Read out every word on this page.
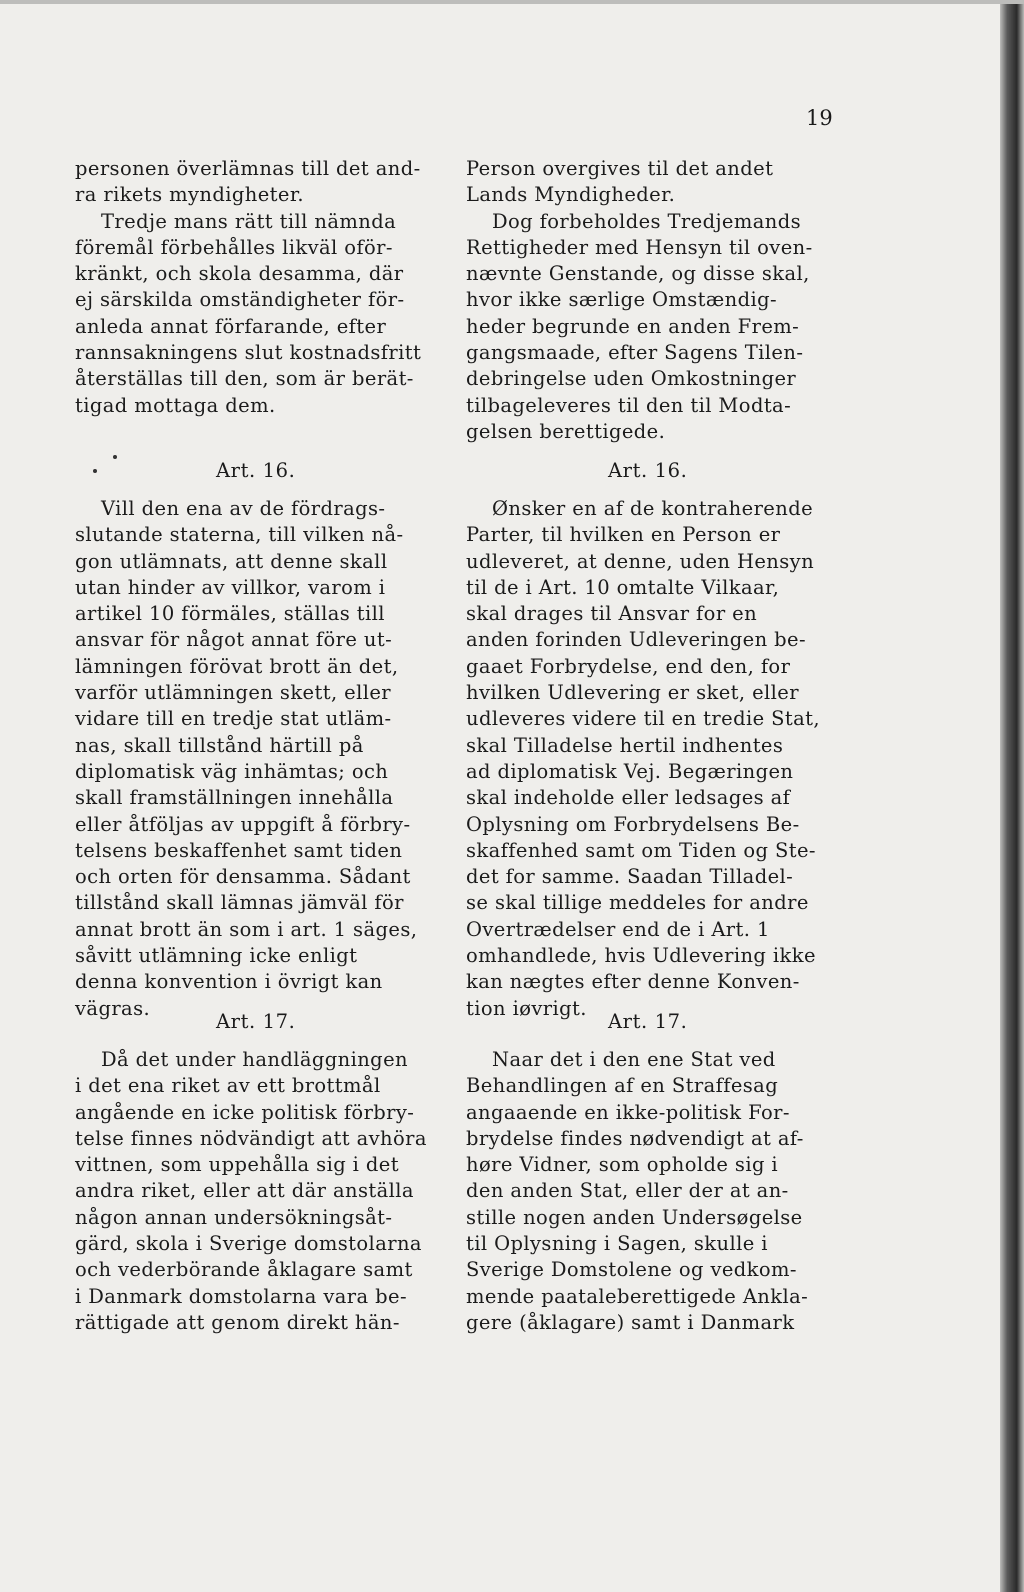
19
personen överlämnas till det and-
ra rikets myndigheter.
Tredje mans rätt till nämnda
föremål förbehålles likväl oför-
kränkt, och skola desamma, där
ej särskilda omständigheter för-
anleda annat förfarande, efter
rannsakningens slut kostnadsfritt
återställas till den, som är berät-
tigad mottaga dem.
Art. 16.
Vill den ena av de fördrags-
slutande staterna, till vilken nå-
gon utlämnats, att denne skall
utan hinder av villkor, varom i
artikel 10 förmäles, ställas till
ansvar för något annat före ut-
lämningen förövat brott än det,
varför utlämningen skett, eller
vidare till en tredje stat utläm-
nas, skall tillstånd härtill på
diplomatisk väg inhämtas; och
skall framställningen innehålla
eller åtföljas av uppgift å förbry-
telsens beskaffenhet samt tiden
och orten för densamma. Sådant
tillstånd skall lämnas jämväl för
annat brott än som i art. 1 säges,
såvitt utlämning icke enligt
denna konvention i övrigt kan
vägras.
Art. 17.
Då det under handläggningen
i det ena riket av ett brottmål
angående en icke politisk förbry-
telse finnes nödvändigt att avhöra
vittnen, som uppehålla sig i det
andra riket, eller att där anställa
någon annan undersökningsåt-
gärd, skola i Sverige domstolarna
och vederbörande åklagare samt
i Danmark domstolarna vara be-
rättigade att genom direkt hän-
Person overgives til det andet
Lands Myndigheder.
Dog forbeholdes Tredjemands
Rettigheder med Hensyn til oven-
nævnte Genstande, og disse skal,
hvor ikke særlige Omstændig-
heder begrunde en anden Frem-
gangsmaade, efter Sagens Tilen-
debringelse uden Omkostninger
tilbageleveres til den til Modta-
gelsen berettigede.
Art. 16.
Ønsker en af de kontraherende
Parter, til hvilken en Person er
udleveret, at denne, uden Hensyn
til de i Art. 10 omtalte Vilkaar,
skal drages til Ansvar for en
anden forinden Udleveringen be-
gaaet Forbrydelse, end den, for
hvilken Udlevering er sket, eller
udleveres videre til en tredie Stat,
skal Tilladelse hertil indhentes
ad diplomatisk Vej. Begæringen
skal indeholde eller ledsages af
Oplysning om Forbrydelsens Be-
skaffenhed samt om Tiden og Ste-
det for samme. Saadan Tilladel-
se skal tillige meddeles for andre
Overtrædelser end de i Art. 1
omhandlede, hvis Udlevering ikke
kan nægtes efter denne Konven-
tion iøvrigt.
Art. 17.
Naar det i den ene Stat ved
Behandlingen af en Straffesag
angaaende en ikke-politisk For-
brydelse findes nødvendigt at af-
høre Vidner, som opholde sig i
den anden Stat, eller der at an-
stille nogen anden Undersøgelse
til Oplysning i Sagen, skulle i
Sverige Domstolene og vedkom-
mende paataleberettigede Ankla-
gere (åklagare) samt i Danmark
